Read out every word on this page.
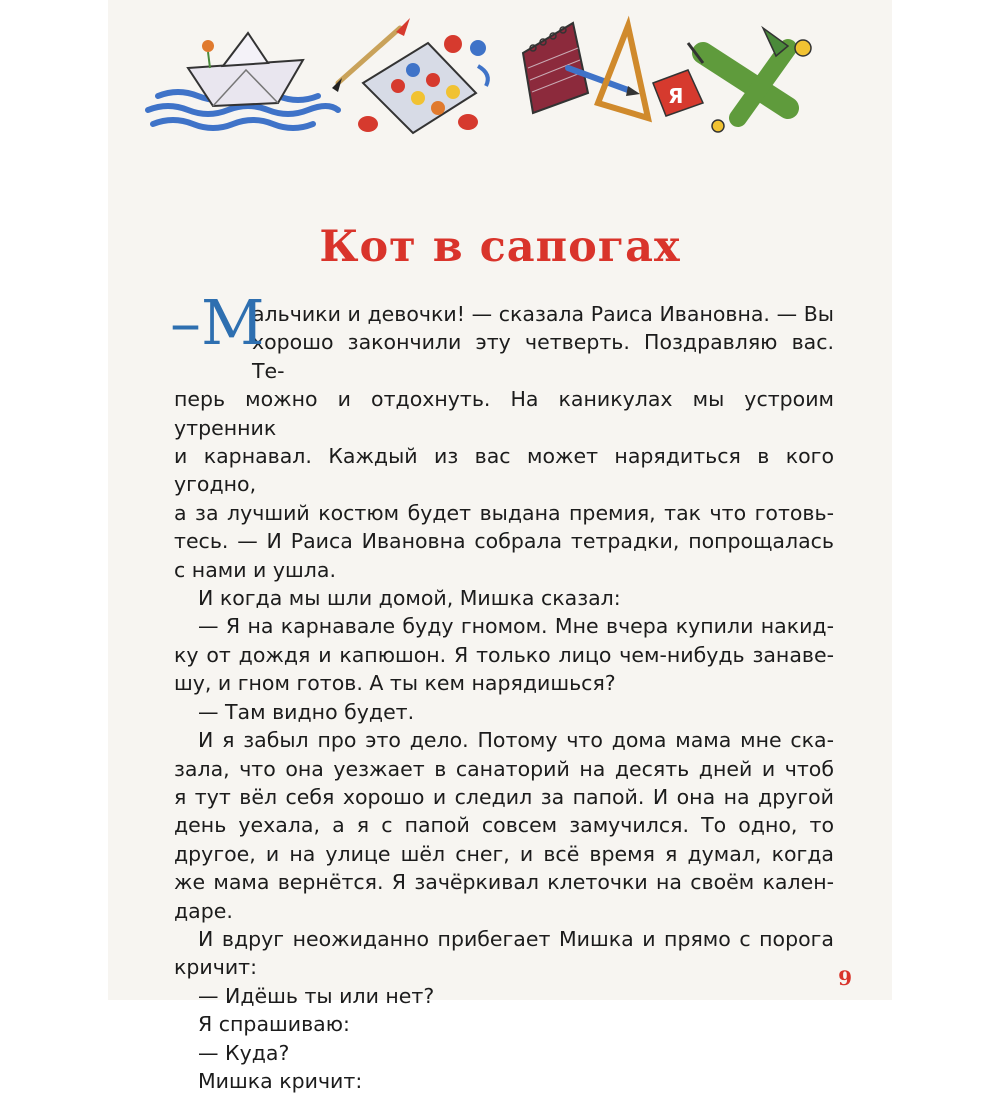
Я
Кот в сапогах
–М
альчики и девочки! — сказала Раиса Ивановна. — Вы
хорошо закончили эту четверть. Поздравляю вас. Те-
перь можно и отдохнуть. На каникулах мы устроим утренник
и карнавал. Каждый из вас может нарядиться в кого угодно,
а за лучший костюм будет выдана премия, так что готовь-
тесь. — И Раиса Ивановна собрала тетрадки, попрощалась
с нами и ушла.
И когда мы шли домой, Мишка сказал:
— Я на карнавале буду гномом. Мне вчера купили накид-
ку от дождя и капюшон. Я только лицо чем-нибудь занаве-
шу, и гном готов. А ты кем нарядишься?
— Там видно будет.
И я забыл про это дело. Потому что дома мама мне ска-
зала, что она уезжает в санаторий на десять дней и чтоб
я тут вёл себя хорошо и следил за папой. И она на другой
день уехала, а я с папой совсем замучился. То одно, то
другое, и на улице шёл снег, и всё время я думал, когда
же мама вернётся. Я зачёркивал клеточки на своём кален-
даре.
И вдруг неожиданно прибегает Мишка и прямо с порога
кричит:
— Идёшь ты или нет?
Я спрашиваю:
— Куда?
Мишка кричит:
9
